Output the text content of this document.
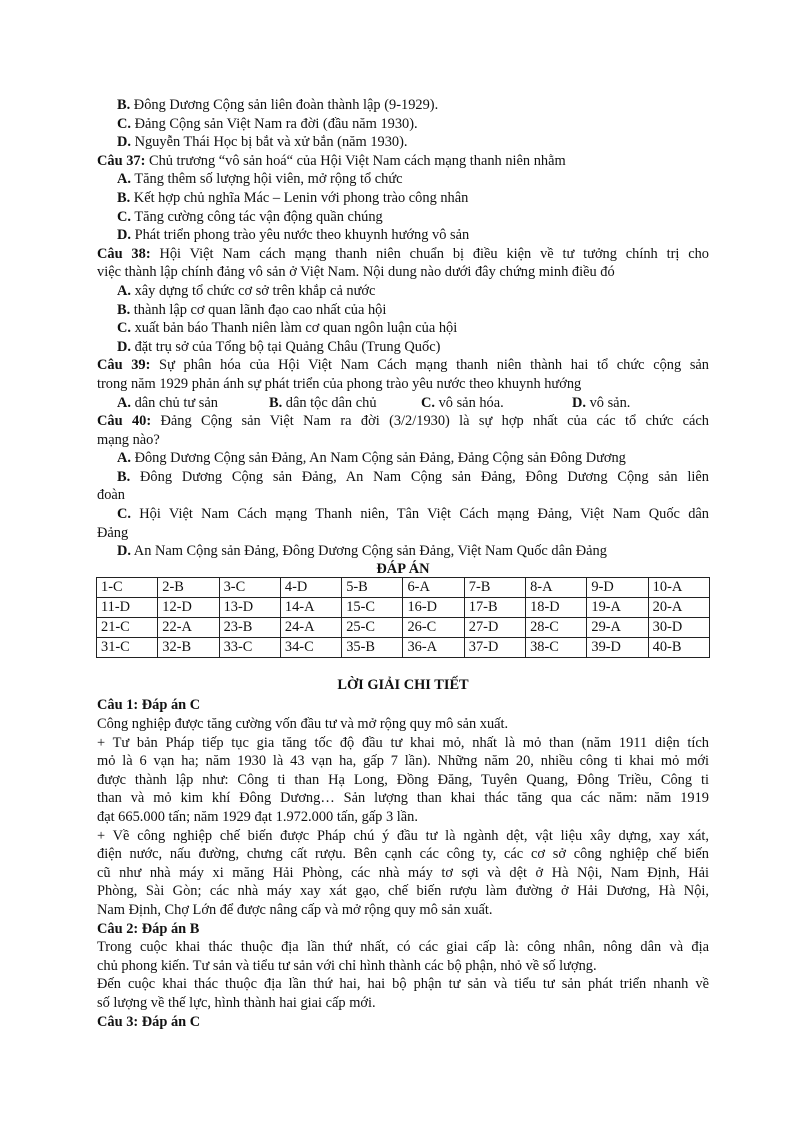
B. Đông Dương Cộng sản liên đoàn thành lập (9-1929).
C. Đảng Cộng sản Việt Nam ra đời (đầu năm 1930).
D. Nguyễn Thái Học bị bắt và xử bắn (năm 1930).
Câu 37: Chủ trương “vô sản hoá“ của Hội Việt Nam cách mạng thanh niên nhằm
A. Tăng thêm số lượng hội viên, mở rộng tổ chức
B. Kết hợp chủ nghĩa Mác – Lenin với phong trào công nhân
C. Tăng cường công tác vận động quần chúng
D. Phát triển phong trào yêu nước theo khuynh hướng vô sản
Câu 38: Hội Việt Nam cách mạng thanh niên chuẩn bị điều kiện về tư tưởng chính trị cho
việc thành lập chính đảng vô sản ở Việt Nam. Nội dung nào dưới đây chứng minh điều đó
A. xây dựng tổ chức cơ sở trên khắp cả nước
B. thành lập cơ quan lãnh đạo cao nhất của hội
C. xuất bản báo Thanh niên làm cơ quan ngôn luận của hội
D. đặt trụ sở của Tổng bộ tại Quảng Châu (Trung Quốc)
Câu 39: Sự phân hóa của Hội Việt Nam Cách mạng thanh niên thành hai tổ chức cộng sản
trong năm 1929 phản ánh sự phát triển của phong trào yêu nước theo khuynh hướng
A. dân chủ tư sản	B. dân tộc dân chủ	C. vô sản hóa.	D. vô sản.
Câu 40: Đảng Cộng sản Việt Nam ra đời (3/2/1930) là sự hợp nhất của các tổ chức cách
mạng nào?
A. Đông Dương Cộng sản Đảng, An Nam Cộng sản Đảng, Đảng Cộng sản Đông Dương
B. Đông Dương Cộng sản Đảng, An Nam Cộng sản Đảng, Đông Dương Cộng sản liên
đoàn
C. Hội Việt Nam Cách mạng Thanh niên, Tân Việt Cách mạng Đảng, Việt Nam Quốc dân
Đảng
D. An Nam Cộng sản Đảng, Đông Dương Cộng sản Đảng, Việt Nam Quốc dân Đảng
ĐÁP ÁN
1-C	2-B	3-C	4-D	5-B	6-A	7-B	8-A	9-D	10-A
11-D	12-D	13-D	14-A	15-C	16-D	17-B	18-D	19-A	20-A
21-C	22-A	23-B	24-A	25-C	26-C	27-D	28-C	29-A	30-D
31-C	32-B	33-C	34-C	35-B	36-A	37-D	38-C	39-D	40-B
LỜI GIẢI CHI TIẾT
Câu 1: Đáp án C
Công nghiệp được tăng cường vốn đầu tư và mở rộng quy mô sản xuất.
+ Tư bản Pháp tiếp tục gia tăng tốc độ đầu tư khai mỏ, nhất là mỏ than (năm 1911 diện tích
mỏ là 6 vạn ha; năm 1930 là 43 vạn ha, gấp 7 lần). Những năm 20, nhiều công ti khai mỏ mới
được thành lập như: Công ti than Hạ Long, Đồng Đăng, Tuyên Quang, Đông Triều, Công ti
than và mỏ kim khí Đông Dương… Sản lượng than khai thác tăng qua các năm: năm 1919
đạt 665.000 tấn; năm 1929 đạt 1.972.000 tấn, gấp 3 lần.
+ Về công nghiệp chế biến được Pháp chú ý đầu tư là ngành dệt, vật liệu xây dựng, xay xát,
điện nước, nấu đường, chưng cất rượu. Bên cạnh các công ty, các cơ sở công nghiệp chế biến
cũ như nhà máy xi măng Hải Phòng, các nhà máy tơ sợi và dệt ở Hà Nội, Nam Định, Hải
Phòng, Sài Gòn; các nhà máy xay xát gạo, chế biến rượu làm đường ở Hải Dương, Hà Nội,
Nam Định, Chợ Lớn để được nâng cấp và mở rộng quy mô sản xuất.
Câu 2: Đáp án B
Trong cuộc khai thác thuộc địa lần thứ nhất, có các giai cấp là: công nhân, nông dân và địa
chủ phong kiến. Tư sản và tiểu tư sản với chỉ hình thành các bộ phận, nhỏ về số lượng.
Đến cuộc khai thác thuộc địa lần thứ hai, hai bộ phận tư sản và tiểu tư sản phát triển nhanh về
số lượng về thế lực, hình thành hai giai cấp mới.
Câu 3: Đáp án C
